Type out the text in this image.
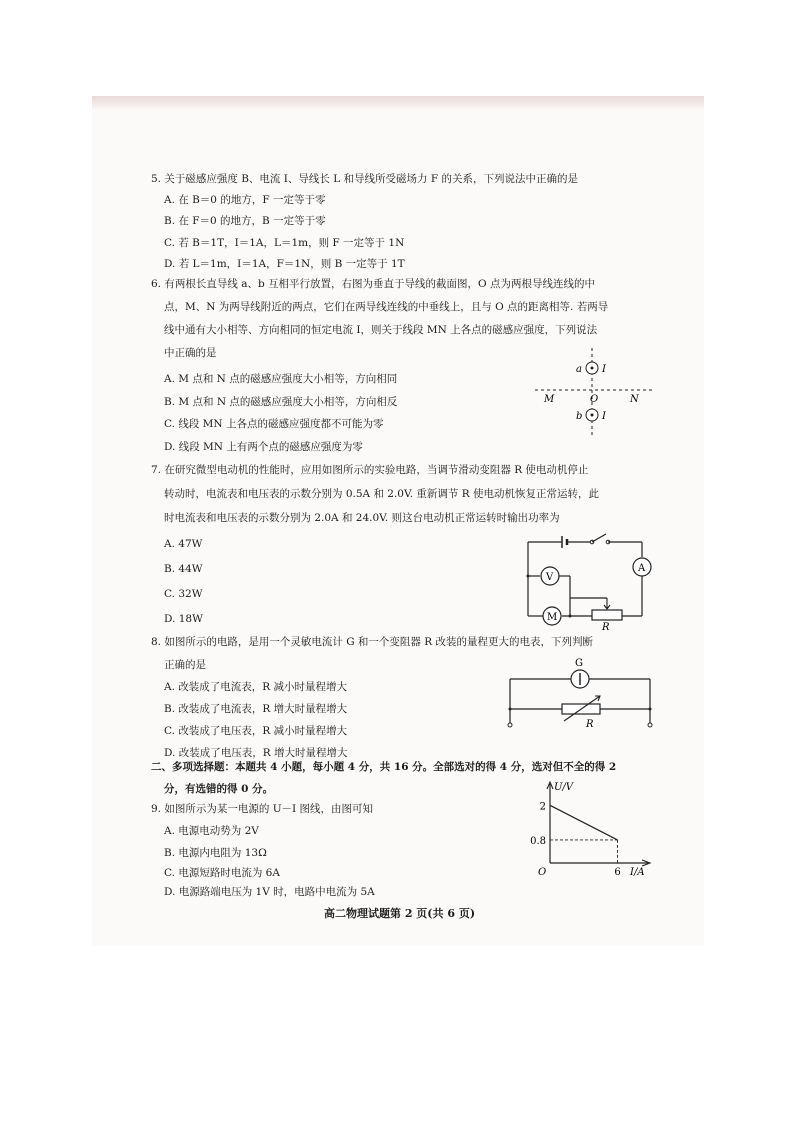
5. 关于磁感应强度 B、电流 I、导线长 L 和导线所受磁场力 F 的关系，下列说法中正确的是
A. 在 B＝0 的地方，F 一定等于零
B. 在 F＝0 的地方，B 一定等于零
C. 若 B＝1T，I＝1A，L＝1m，则 F 一定等于 1N
D. 若 L＝1m，I＝1A，F＝1N，则 B 一定等于 1T
6. 有两根长直导线 a、b 互相平行放置，右图为垂直于导线的截面图，O 点为两根导线连线的中
点，M、N 为两导线附近的两点，它们在两导线连线的中垂线上，且与 O 点的距离相等. 若两导
线中通有大小相等、方向相同的恒定电流 I，则关于线段 MN 上各点的磁感应强度，下列说法
中正确的是
A. M 点和 N 点的磁感应强度大小相等，方向相同
B. M 点和 N 点的磁感应强度大小相等，方向相反
C. 线段 MN 上各点的磁感应强度都不可能为零
D. 线段 MN 上有两个点的磁感应强度为零
a I
b I
M	O	N
7. 在研究微型电动机的性能时，应用如图所示的实验电路，当调节滑动变阻器 R 使电动机停止
转动时，电流表和电压表的示数分别为 0.5A 和 2.0V. 重新调节 R 使电动机恢复正常运转，此
时电流表和电压表的示数分别为 2.0A 和 24.0V. 则这台电动机正常运转时输出功率为
A. 47W
B. 44W
C. 32W
D. 18W
A
R
M
V
8. 如图所示的电路，是用一个灵敏电流计 G 和一个变阻器 R 改装的量程更大的电表，下列判断
正确的是
A. 改装成了电流表，R 减小时量程增大
B. 改装成了电流表，R 增大时量程增大
C. 改装成了电压表，R 减小时量程增大
D. 改装成了电压表，R 增大时量程增大
G
R
二、多项选择题：本题共 4 小题，每小题 4 分，共 16 分。全部选对的得 4 分，选对但不全的得 2
分，有选错的得 0 分。
9. 如图所示为某一电源的 U－I 图线，由图可知
A. 电源电动势为 2V
B. 电源内电阻为 13Ω
C. 电源短路时电流为 6A
D. 电源路端电压为 1V 时，电路中电流为 5A
U/V
I/A
O
2
0.8
6
高二物理试题第 2 页(共 6 页)
